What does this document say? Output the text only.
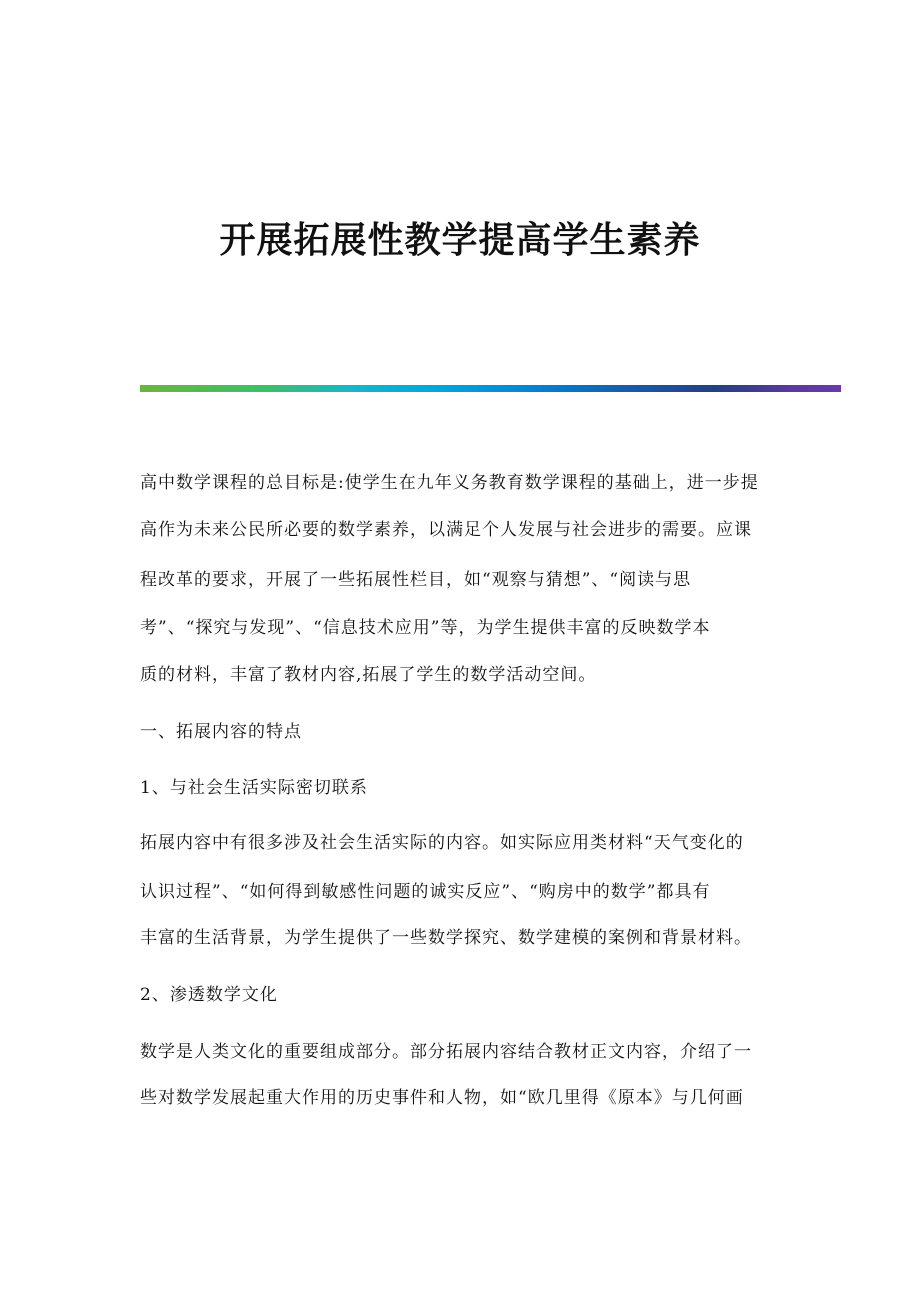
开展拓展性教学提高学生素养
高中数学课程的总目标是:使学生在九年义务教育数学课程的基础上，进一步提
高作为未来公民所必要的数学素养，以满足个人发展与社会进步的需要。应课
程改革的要求，开展了一些拓展性栏目，如“观察与猜想”、“阅读与思
考”、“探究与发现”、“信息技术应用”等，为学生提供丰富的反映数学本
质的材料，丰富了教材内容,拓展了学生的数学活动空间。
一、拓展内容的特点
1、与社会生活实际密切联系
拓展内容中有很多涉及社会生活实际的内容。如实际应用类材料“天气变化的
认识过程”、“如何得到敏感性问题的诚实反应”、“购房中的数学”都具有
丰富的生活背景，为学生提供了一些数学探究、数学建模的案例和背景材料。
2、渗透数学文化
数学是人类文化的重要组成部分。部分拓展内容结合教材正文内容，介绍了一
些对数学发展起重大作用的历史事件和人物，如“欧几里得《原本》与几何画
